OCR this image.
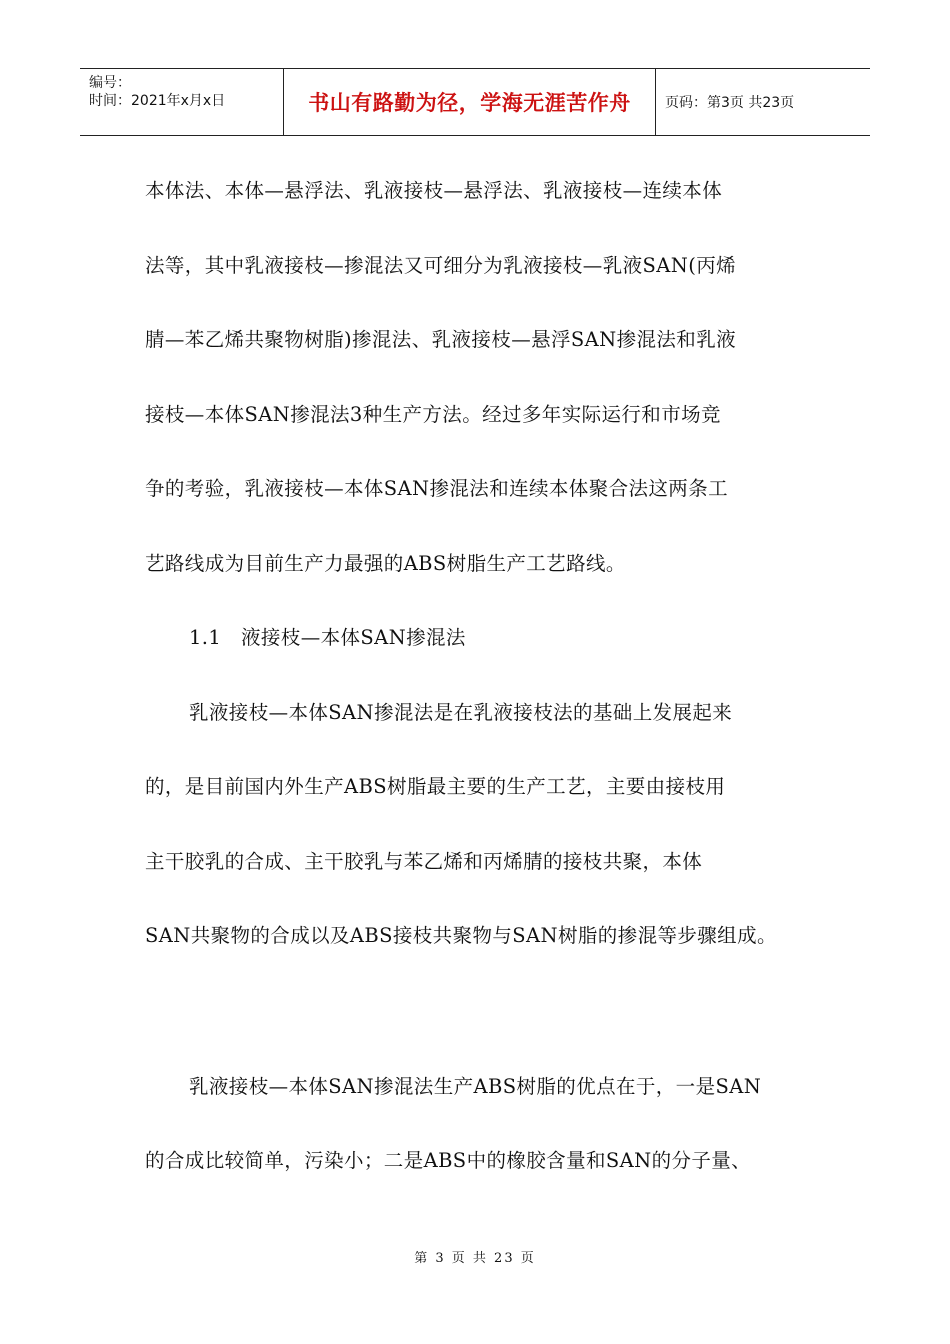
编号：
时间：2021年x月x日	书山有路勤为径，学海无涯苦作舟	页码：第3页 共23页
本体法、本体—悬浮法、乳液接枝—悬浮法、乳液接枝—连续本体
法等，其中乳液接枝—掺混法又可细分为乳液接枝—乳液SAN(丙烯
腈—苯乙烯共聚物树脂)掺混法、乳液接枝—悬浮SAN掺混法和乳液
接枝—本体SAN掺混法3种生产方法。经过多年实际运行和市场竞
争的考验，乳液接枝—本体SAN掺混法和连续本体聚合法这两条工
艺路线成为目前生产力最强的ABS树脂生产工艺路线。
1.1   液接枝—本体SAN掺混法
乳液接枝—本体SAN掺混法是在乳液接枝法的基础上发展起来
的，是目前国内外生产ABS树脂最主要的生产工艺，主要由接枝用
主干胶乳的合成、主干胶乳与苯乙烯和丙烯腈的接枝共聚，本体
SAN共聚物的合成以及ABS接枝共聚物与SAN树脂的掺混等步骤组成。
乳液接枝—本体SAN掺混法生产ABS树脂的优点在于，一是SAN
的合成比较简单，污染小；二是ABS中的橡胶含量和SAN的分子量、
第 3 页 共 23 页
